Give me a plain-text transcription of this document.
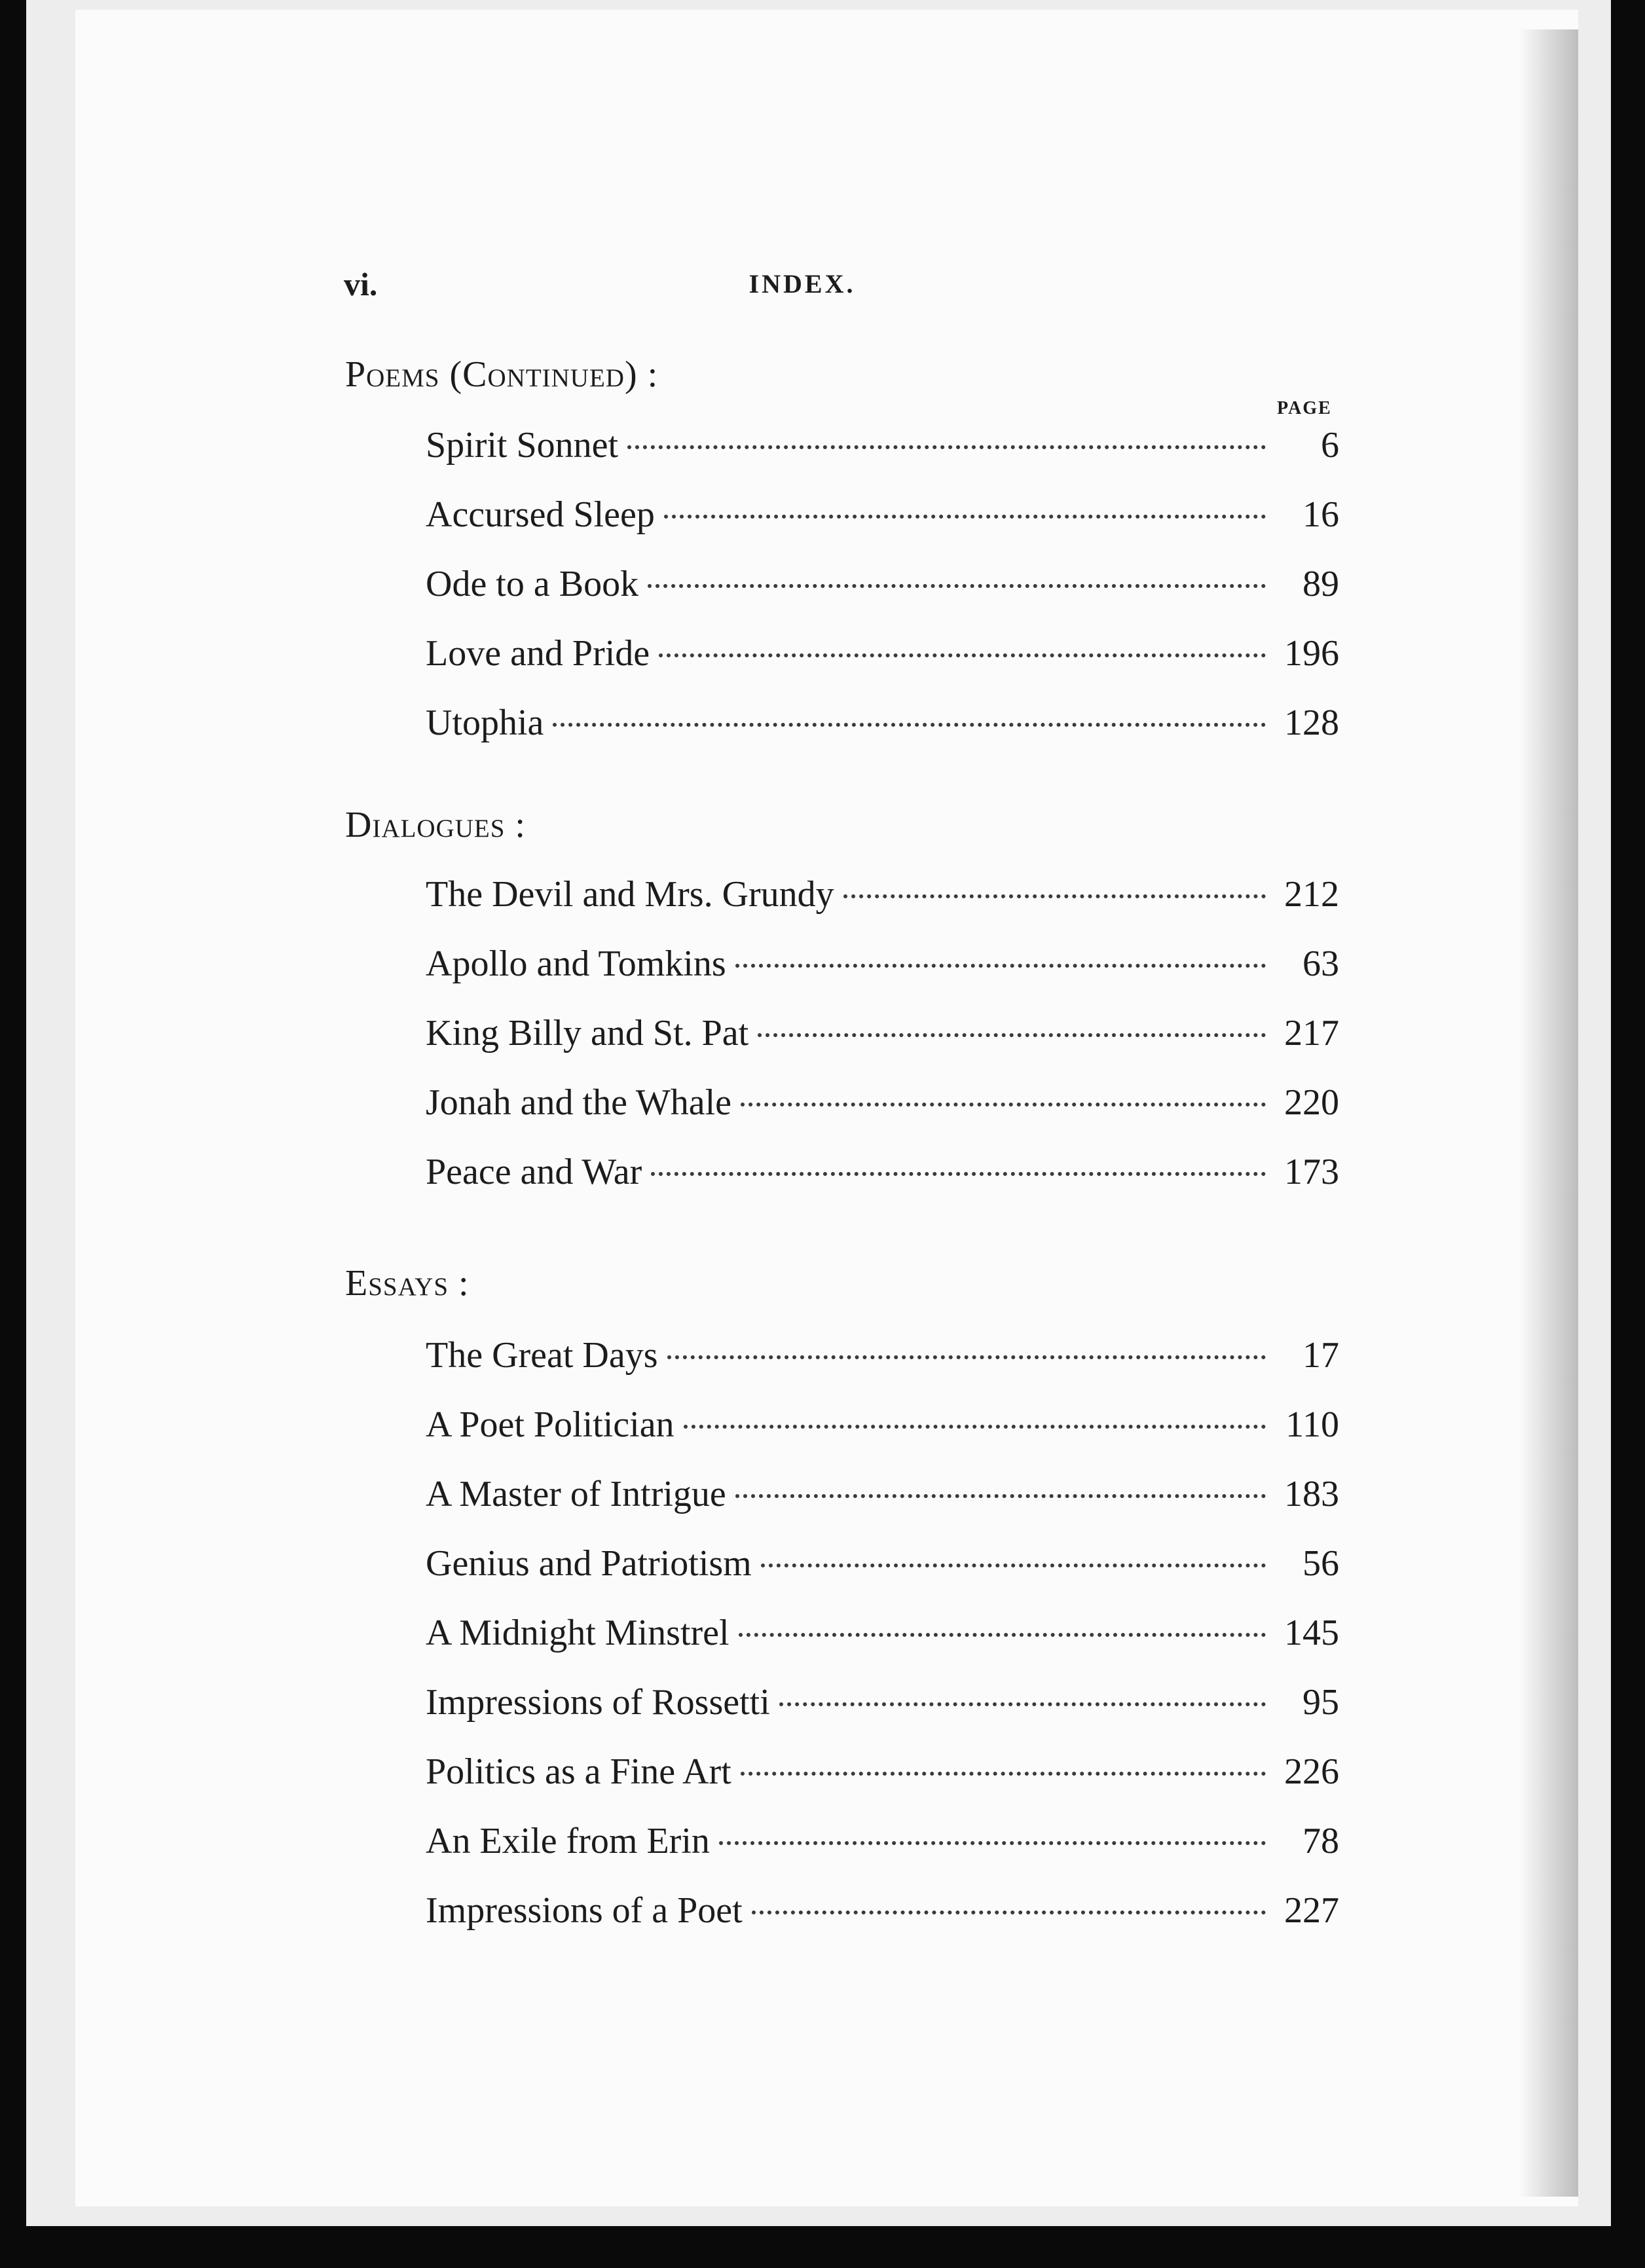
vi.	INDEX.
Poems (Continued) :
PAGE
Spirit Sonnet	6
Accursed Sleep	16
Ode to a Book	89
Love and Pride	196
Utophia	128
Dialogues :
The Devil and Mrs. Grundy	212
Apollo and Tomkins	63
King Billy and St. Pat	217
Jonah and the Whale	220
Peace and War	173
Essays :
The Great Days	17
A Poet Politician	110
A Master of Intrigue	183
Genius and Patriotism	56
A Midnight Minstrel	145
Impressions of Rossetti	95
Politics as a Fine Art	226
An Exile from Erin	78
Impressions of a Poet	227
